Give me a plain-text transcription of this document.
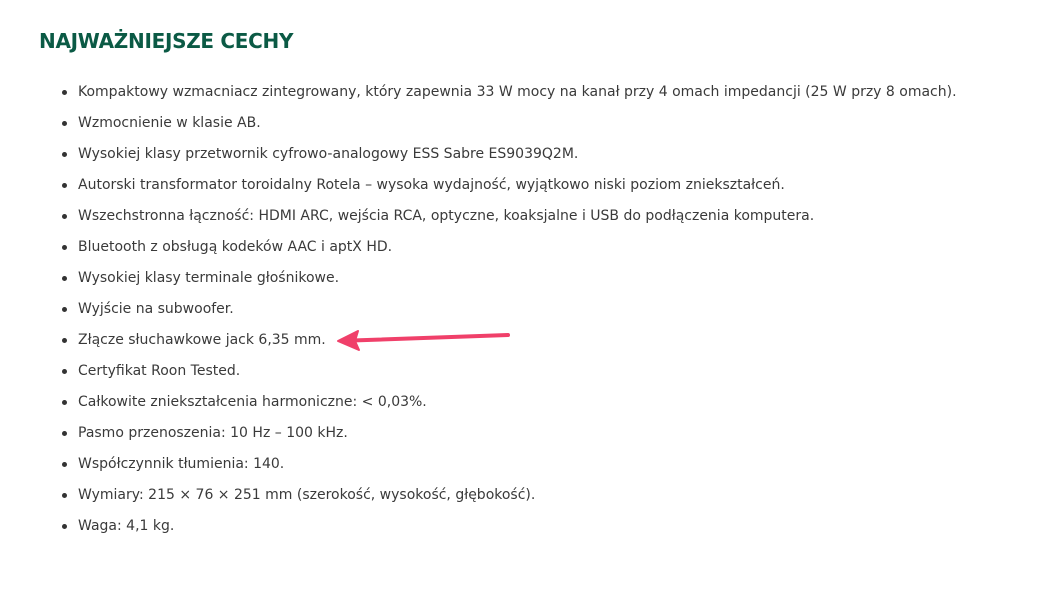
NAJWAŻNIEJSZE CECHY
Kompaktowy wzmacniacz zintegrowany, który zapewnia 33 W mocy na kanał przy 4 omach impedancji (25 W przy 8 omach).
Wzmocnienie w klasie AB.
Wysokiej klasy przetwornik cyfrowo-analogowy ESS Sabre ES9039Q2M.
Autorski transformator toroidalny Rotela – wysoka wydajność, wyjątkowo niski poziom zniekształceń.
Wszechstronna łączność: HDMI ARC, wejścia RCA, optyczne, koaksjalne i USB do podłączenia komputera.
Bluetooth z obsługą kodeków AAC i aptX HD.
Wysokiej klasy terminale głośnikowe.
Wyjście na subwoofer.
Złącze słuchawkowe jack 6,35 mm.
Certyfikat Roon Tested.
Całkowite zniekształcenia harmoniczne: < 0,03%.
Pasmo przenoszenia: 10 Hz – 100 kHz.
Współczynnik tłumienia: 140.
Wymiary: 215 × 76 × 251 mm (szerokość, wysokość, głębokość).
Waga: 4,1 kg.
